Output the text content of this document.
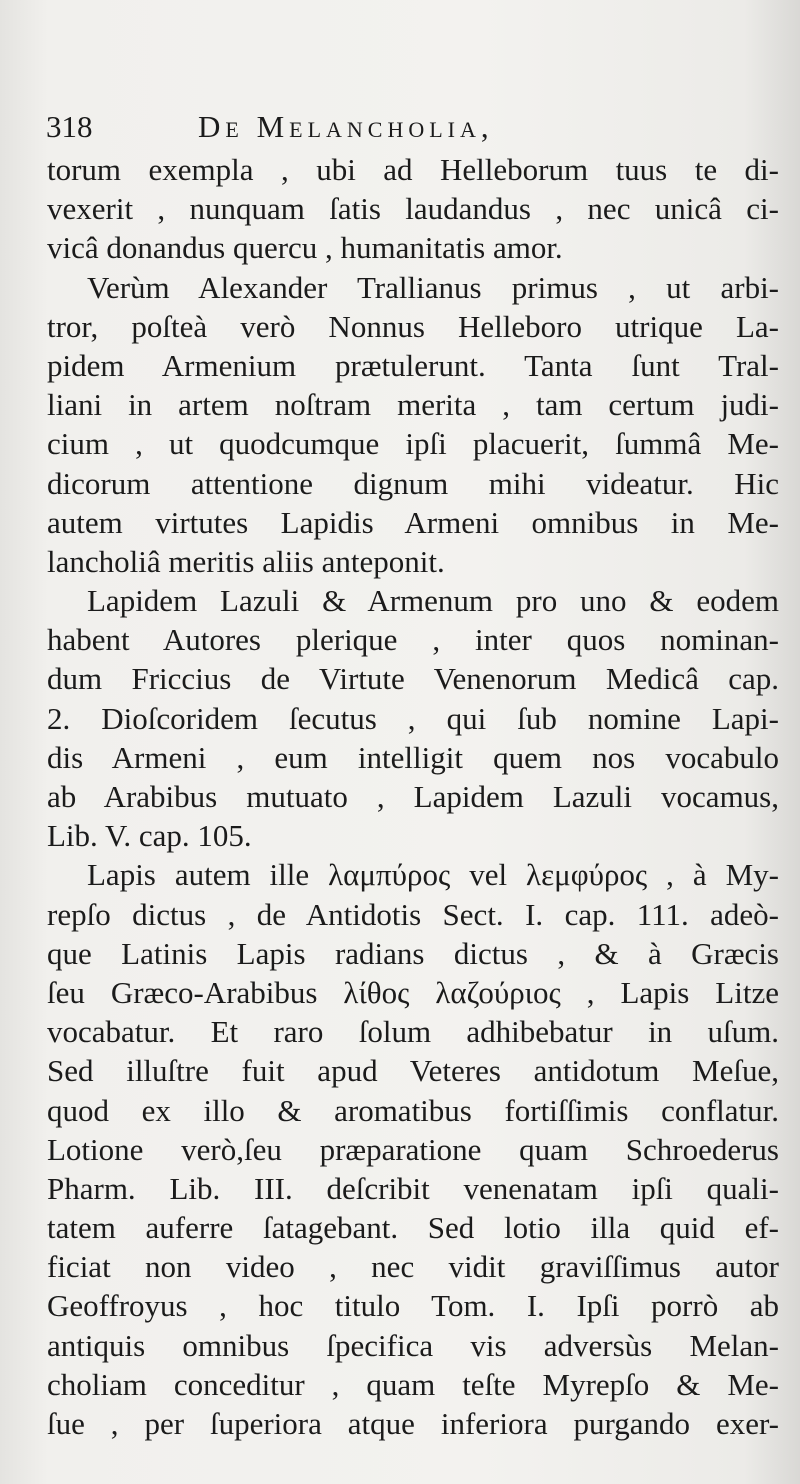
318	De Melancholia,
torum exempla , ubi ad Helleborum tuus te di-
vexerit , nunquam ſatis laudandus , nec unicâ ci-
vicâ donandus quercu , humanitatis amor.
Verùm Alexander Trallianus primus , ut arbi-
tror, poſteà verò Nonnus Helleboro utrique La-
pidem Armenium prætulerunt. Tanta ſunt Tral-
liani in artem noſtram merita , tam certum judi-
cium , ut quodcumque ipſi placuerit, ſummâ Me-
dicorum attentione dignum mihi videatur. Hic
autem virtutes Lapidis Armeni omnibus in Me-
lancholiâ meritis aliis anteponit.
Lapidem Lazuli & Armenum pro uno & eodem
habent Autores plerique , inter quos nominan-
dum Friccius de Virtute Venenorum Medicâ cap.
2. Dioſcoridem ſecutus , qui ſub nomine Lapi-
dis Armeni , eum intelligit quem nos vocabulo
ab Arabibus mutuato , Lapidem Lazuli vocamus,
Lib. V. cap. 105.
Lapis autem ille λαμπύρος vel λεμφύρος , à My-
repſo dictus , de Antidotis Sect. I. cap. 111. adeò-
que Latinis Lapis radians dictus , & à Græcis
ſeu Græco-Arabibus λίθος λαζούριος , Lapis Litze
vocabatur. Et raro ſolum adhibebatur in uſum.
Sed illuſtre fuit apud Veteres antidotum Meſue,
quod ex illo & aromatibus fortiſſimis conflatur.
Lotione verò,ſeu præparatione quam Schroederus
Pharm. Lib. III. deſcribit venenatam ipſi quali-
tatem auferre ſatagebant. Sed lotio illa quid ef-
ficiat non video , nec vidit graviſſimus autor
Geoffroyus , hoc titulo Tom. I. Ipſi porrò ab
antiquis omnibus ſpecifica vis adversùs Melan-
choliam conceditur , quam teſte Myrepſo & Me-
ſue , per ſuperiora atque inferiora purgando exer-
